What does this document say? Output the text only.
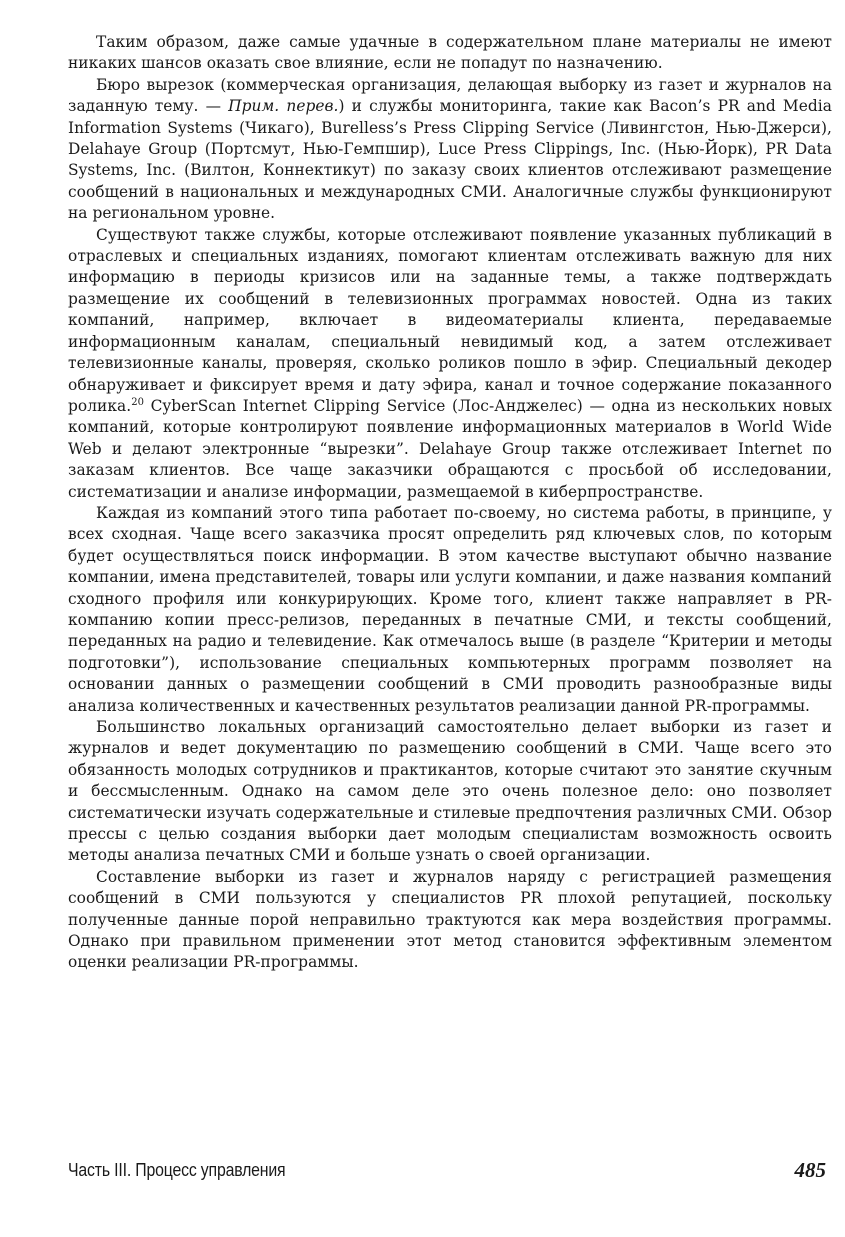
Таким образом, даже самые удачные в содержательном плане материалы не имеют никаких шансов оказать свое влияние, если не попадут по назначению.

Бюро вырезок (коммерческая организация, делающая выборку из газет и журналов на заданную тему. — Прим. перев.) и службы мониторинга, такие как Bacon’s PR and Media Information Systems (Чикаго), Burelless’s Press Clipping Service (Ливингстон, Нью-Джерси), Delahaye Group (Портсмут, Нью-Гемпшир), Luce Press Clippings, Inc. (Нью-Йорк), PR Data Systems, Inc. (Вилтон, Коннектикут) по заказу своих клиентов отслеживают размещение сообщений в национальных и международных СМИ. Аналогичные службы функционируют на региональном уровне.

Существуют также службы, которые отслеживают появление указанных публикаций в отраслевых и специальных изданиях, помогают клиентам отслеживать важную для них информацию в периоды кризисов или на заданные темы, а также подтверждать размещение их сообщений в телевизионных программах новостей. Одна из таких компаний, например, включает в видеоматериалы клиента, передаваемые информационным каналам, специальный невидимый код, а затем отслеживает телевизионные каналы, проверяя, сколько роликов пошло в эфир. Специальный декодер обнаруживает и фиксирует время и дату эфира, канал и точное содержание показанного ролика.$^{20}$ CyberScan Internet Clipping Service (Лос-Анджелес) — одна из нескольких новых компаний, которые контролируют появление информационных материалов в World Wide Web и делают электронные “вырезки”. Delahaye Group также отслеживает Internet по заказам клиентов. Все чаще заказчики обращаются с просьбой об исследовании, систематизации и анализе информации, размещаемой в киберпространстве.

Каждая из компаний этого типа работает по-своему, но система работы, в принципе, у всех сходная. Чаще всего заказчика просят определить ряд ключевых слов, по которым будет осуществляться поиск информации. В этом качестве выступают обычно название компании, имена представителей, товары или услуги компании, и даже названия компаний сходного профиля или конкурирующих. Кроме того, клиент также направляет в PR-компанию копии пресс-релизов, переданных в печатные СМИ, и тексты сообщений, переданных на радио и телевидение. Как отмечалось выше (в разделе “Критерии и методы подготовки”), использование специальных компьютерных программ позволяет на основании данных о размещении сообщений в СМИ проводить разнообразные виды анализа количественных и качественных результатов реализации данной PR-программы.

Большинство локальных организаций самостоятельно делает выборки из газет и журналов и ведет документацию по размещению сообщений в СМИ. Чаще всего это обязанность молодых сотрудников и практикантов, которые считают это занятие скучным и бессмысленным. Однако на самом деле это очень полезное дело: оно позволяет систематически изучать содержательные и стилевые предпочтения различных СМИ. Обзор прессы с целью создания выборки дает молодым специалистам возможность освоить методы анализа печатных СМИ и больше узнать о своей организации.

Составление выборки из газет и журналов наряду с регистрацией размещения сообщений в СМИ пользуются у специалистов PR плохой репутацией, поскольку полученные данные порой неправильно трактуются как мера воздействия программы. Однако при правильном применении этот метод становится эффективным элементом оценки реализации PR-программы.

Часть III. Процесс управления	485
